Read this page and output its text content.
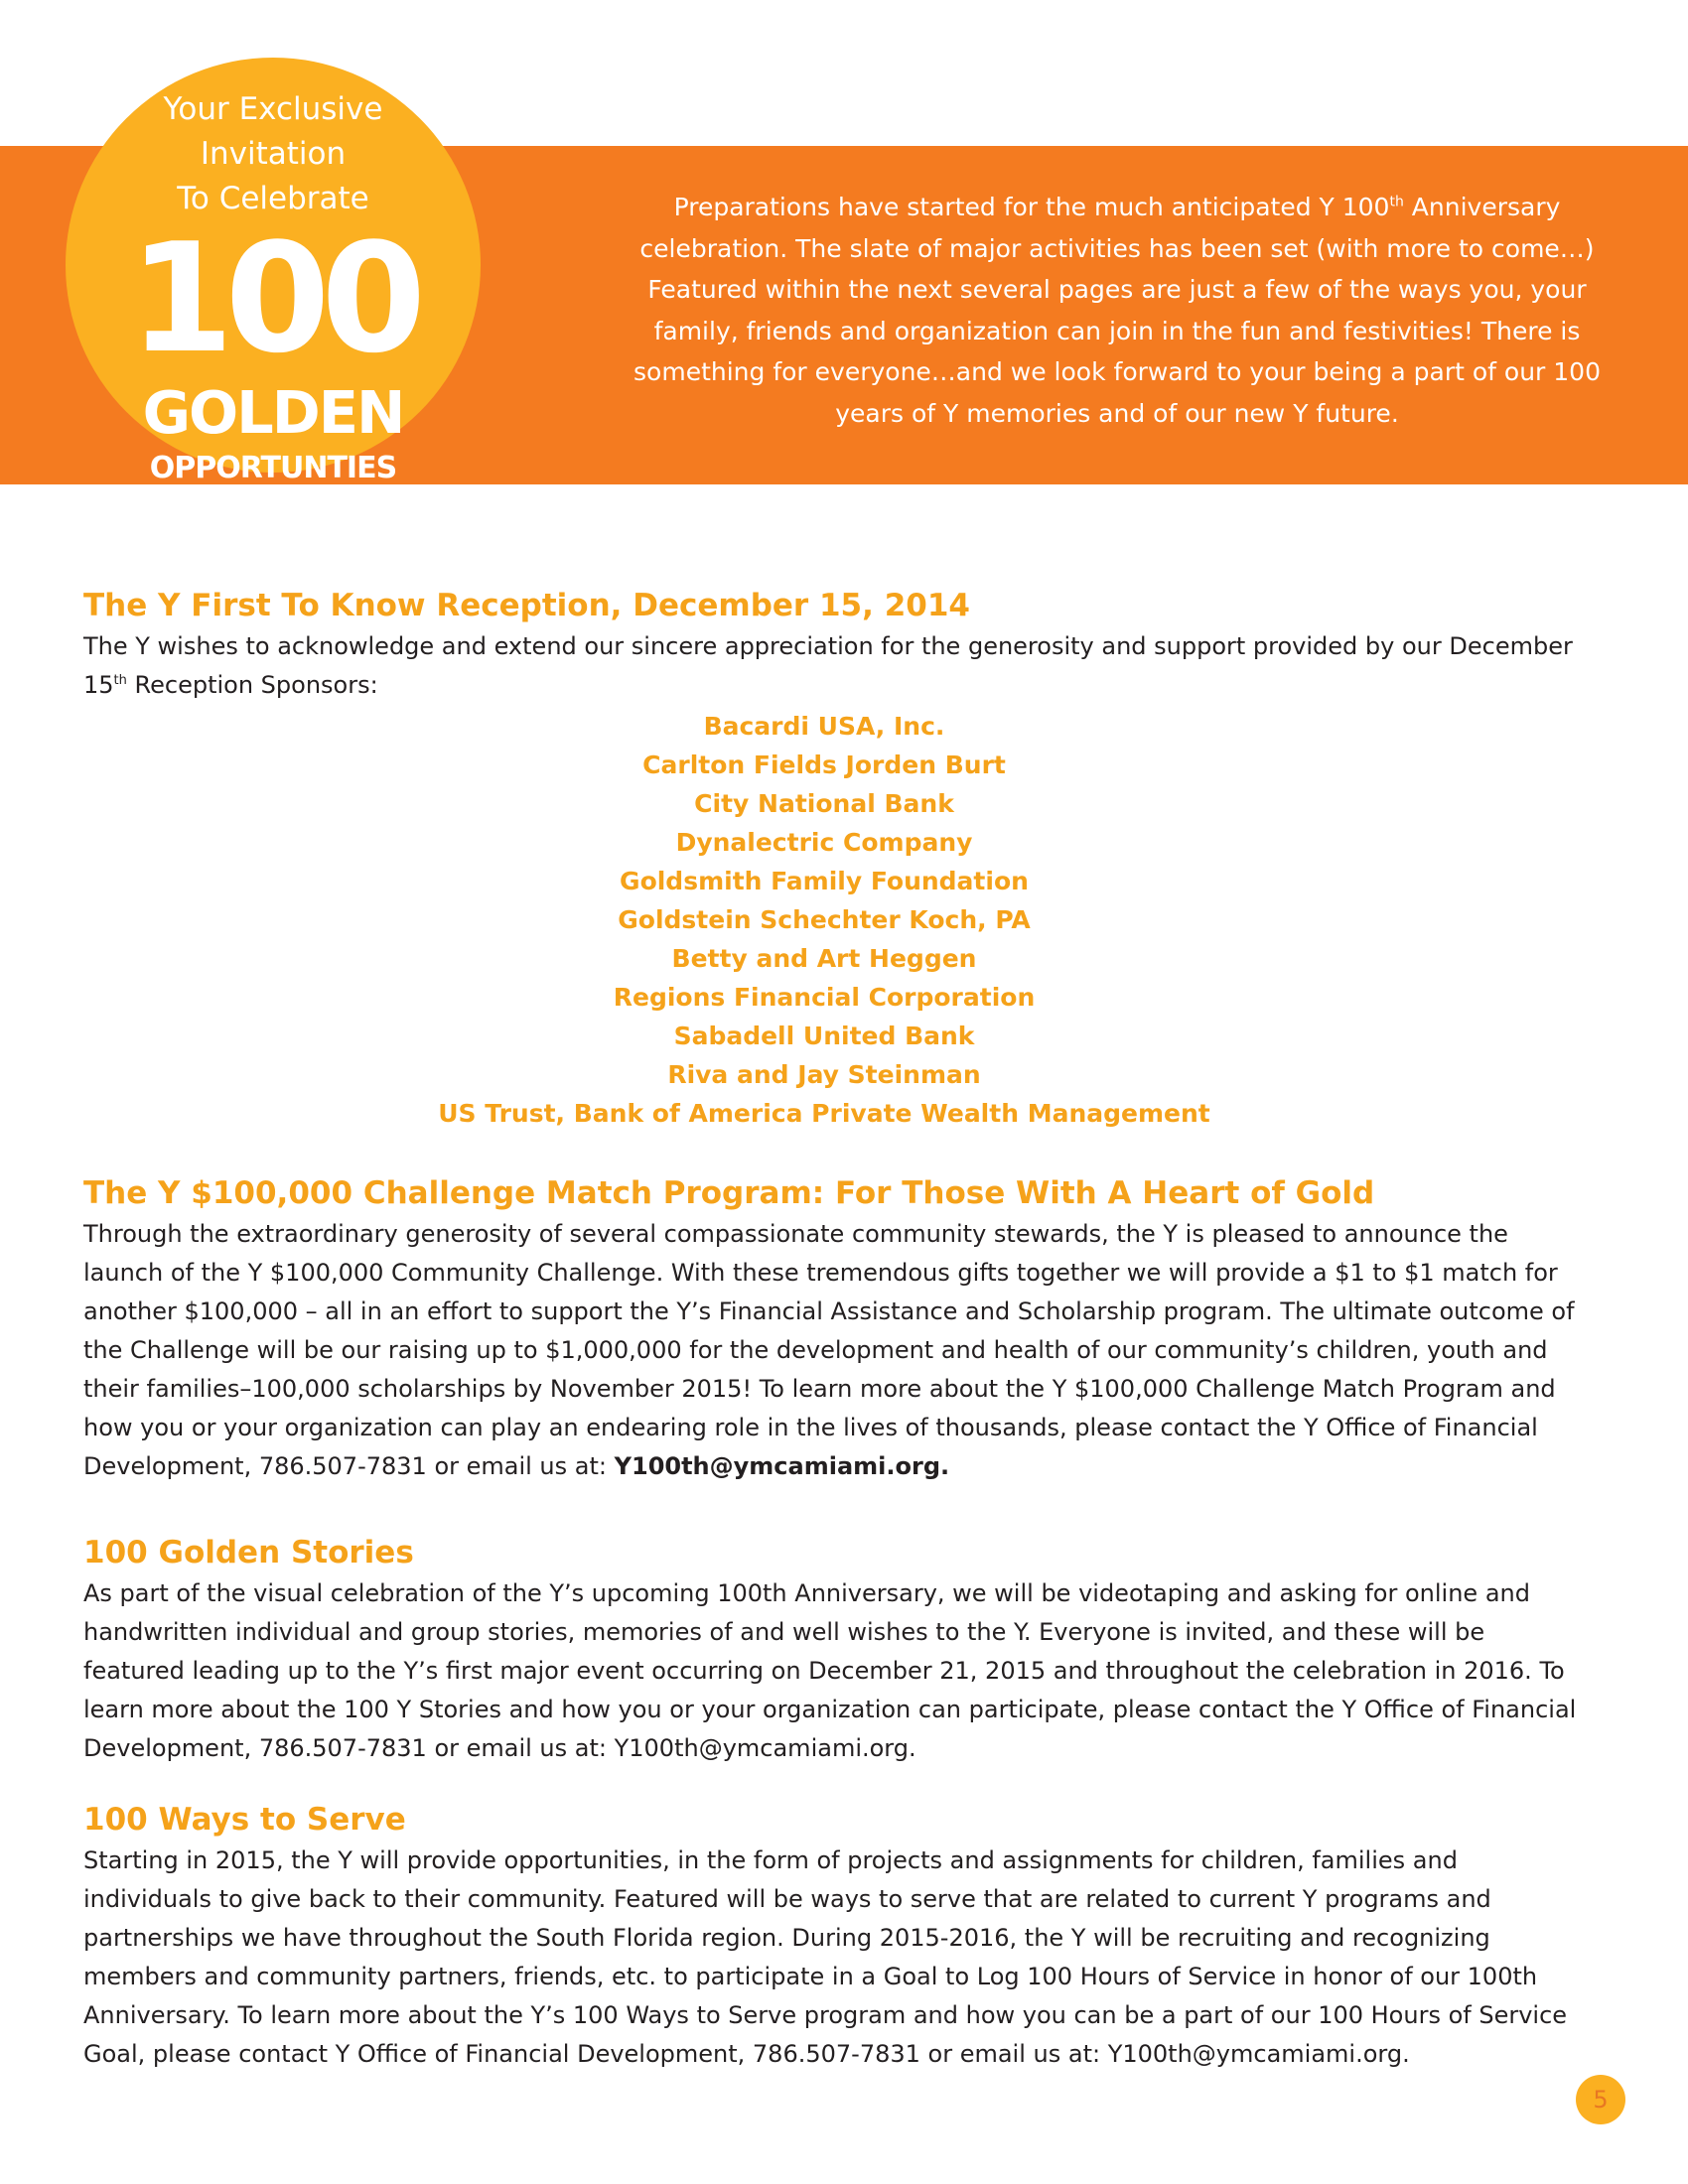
Preparations have started for the much anticipated Y 100th Anniversary celebration. The slate of major activities has been set (with more to come…) Featured within the next several pages are just a few of the ways you, your family, friends and organization can join in the fun and festivities! There is something for everyone…and we look forward to your being a part of our 100 years of Y memories and of our new Y future.

Your Exclusive
Invitation
To Celebrate
100
GOLDEN
OPPORTUNTIES
The Y First To Know Reception, December 15, 2014

The Y wishes to acknowledge and extend our sincere appreciation for the generosity and support provided by our December 15th Reception Sponsors:

Bacardi USA, Inc.
Carlton Fields Jorden Burt
City National Bank
Dynalectric Company
Goldsmith Family Foundation
Goldstein Schechter Koch, PA
Betty and Art Heggen
Regions Financial Corporation
Sabadell United Bank
Riva and Jay Steinman
US Trust, Bank of America Private Wealth Management
The Y $100,000 Challenge Match Program: For Those With A Heart of Gold

Through the extraordinary generosity of several compassionate community stewards, the Y is pleased to announce the launch of the Y $100,000 Community Challenge. With these tremendous gifts together we will provide a $1 to $1 match for another $100,000 – all in an effort to support the Y’s Financial Assistance and Scholarship program. The ultimate outcome of the Challenge will be our raising up to $1,000,000 for the development and health of our community’s children, youth and their families–100,000 scholarships by November 2015! To learn more about the Y $100,000 Challenge Match Program and how you or your organization can play an endearing role in the lives of thousands, please contact the Y Office of Financial Development, 786.507-7831 or email us at: Y100th@ymcamiami.org.

100 Golden Stories

As part of the visual celebration of the Y’s upcoming 100th Anniversary, we will be videotaping and asking for online and handwritten individual and group stories, memories of and well wishes to the Y. Everyone is invited, and these will be featured leading up to the Y’s first major event occurring on December 21, 2015 and throughout the celebration in 2016. To learn more about the 100 Y Stories and how you or your organization can participate, please contact the Y Office of Financial Development, 786.507-7831 or email us at: Y100th@ymcamiami.org.

100 Ways to Serve

Starting in 2015, the Y will provide opportunities, in the form of projects and assignments for children, families and individuals to give back to their community. Featured will be ways to serve that are related to current Y programs and partnerships we have throughout the South Florida region. During 2015-2016, the Y will be recruiting and recognizing members and community partners, friends, etc. to participate in a Goal to Log 100 Hours of Service in honor of our 100th Anniversary. To learn more about the Y’s 100 Ways to Serve program and how you can be a part of our 100 Hours of Service Goal, please contact Y Office of Financial Development, 786.507-7831 or email us at: Y100th@ymcamiami.org.

5
